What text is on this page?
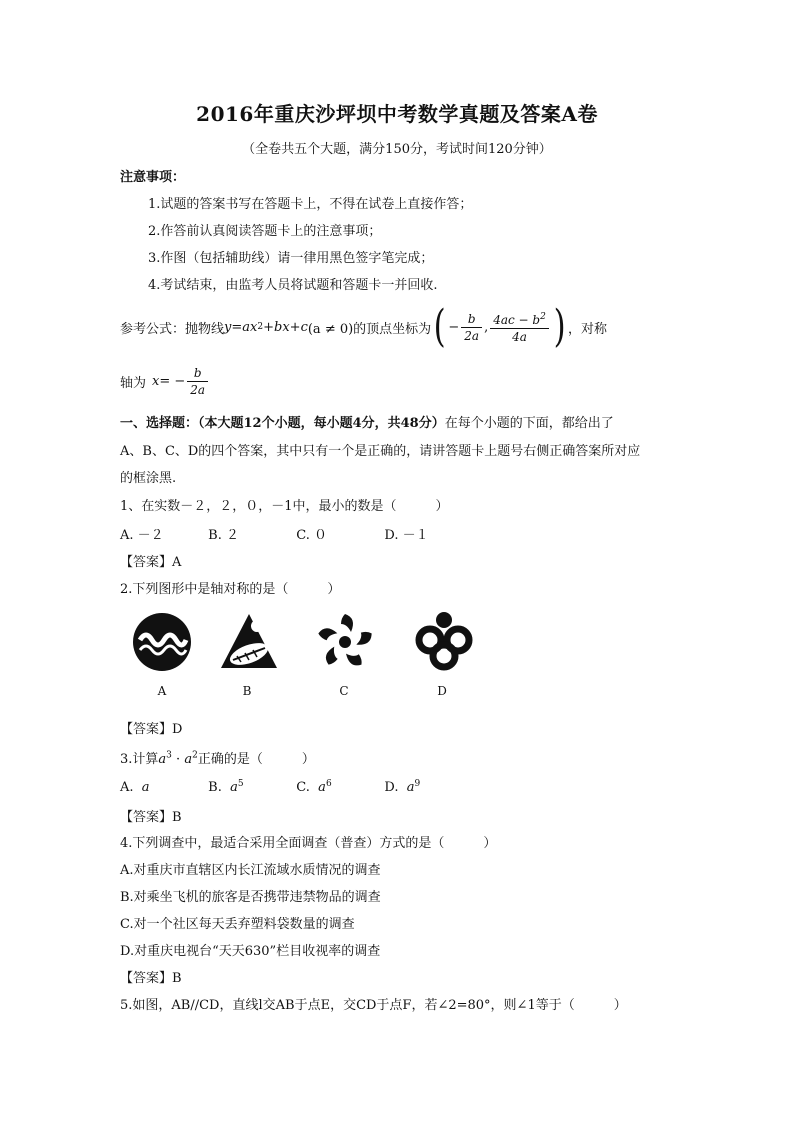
2016年重庆沙坪坝中考数学真题及答案A卷
（全卷共五个大题，满分150分，考试时间120分钟）
注意事项：
1.试题的答案书写在答题卡上，不得在试卷上直接作答；
2.作答前认真阅读答题卡上的注意事项；
3.作图（包括辅助线）请一律用黑色签字笔完成；
4.考试结束，由监考人员将试题和答题卡一并回收.
参考公式：抛物线 y = ax 2 + bx + c (a ≠ 0)的顶点坐标为 ( − $\frac{b}{2a}$ , $\frac{4ac - b^2}{4a}$ ) ，对称
轴为 x = − $\frac{b}{2a}$
一、选择题：（本大题12个小题，每小题4分，共48分）在每个小题的下面，都给出了
A、B、C、D的四个答案，其中只有一个是正确的，请讲答题卡上题号右侧正确答案所对应
的框涂黑.
1、在实数－２，２，０，－1中，最小的数是（　　　）
A. －２	B. ２	C. ０	D. －１
【答案】A
2.下列图形中是轴对称的是（　　　）
A	B	C	D
【答案】D
3.计算$a^3 \cdot a^2$正确的是（　　　）
A. a	B. $a^5$	C. $a^6$	D. $a^9$
【答案】B
4.下列调查中，最适合采用全面调查（普查）方式的是（　　　）
A.对重庆市直辖区内长江流域水质情况的调查
B.对乘坐飞机的旅客是否携带违禁物品的调查
C.对一个社区每天丢弃塑料袋数量的调查
D.对重庆电视台“天天630”栏目收视率的调查
【答案】B
5.如图，AB//CD，直线l交AB于点E，交CD于点F，若∠2=80°，则∠1等于（　　　）
